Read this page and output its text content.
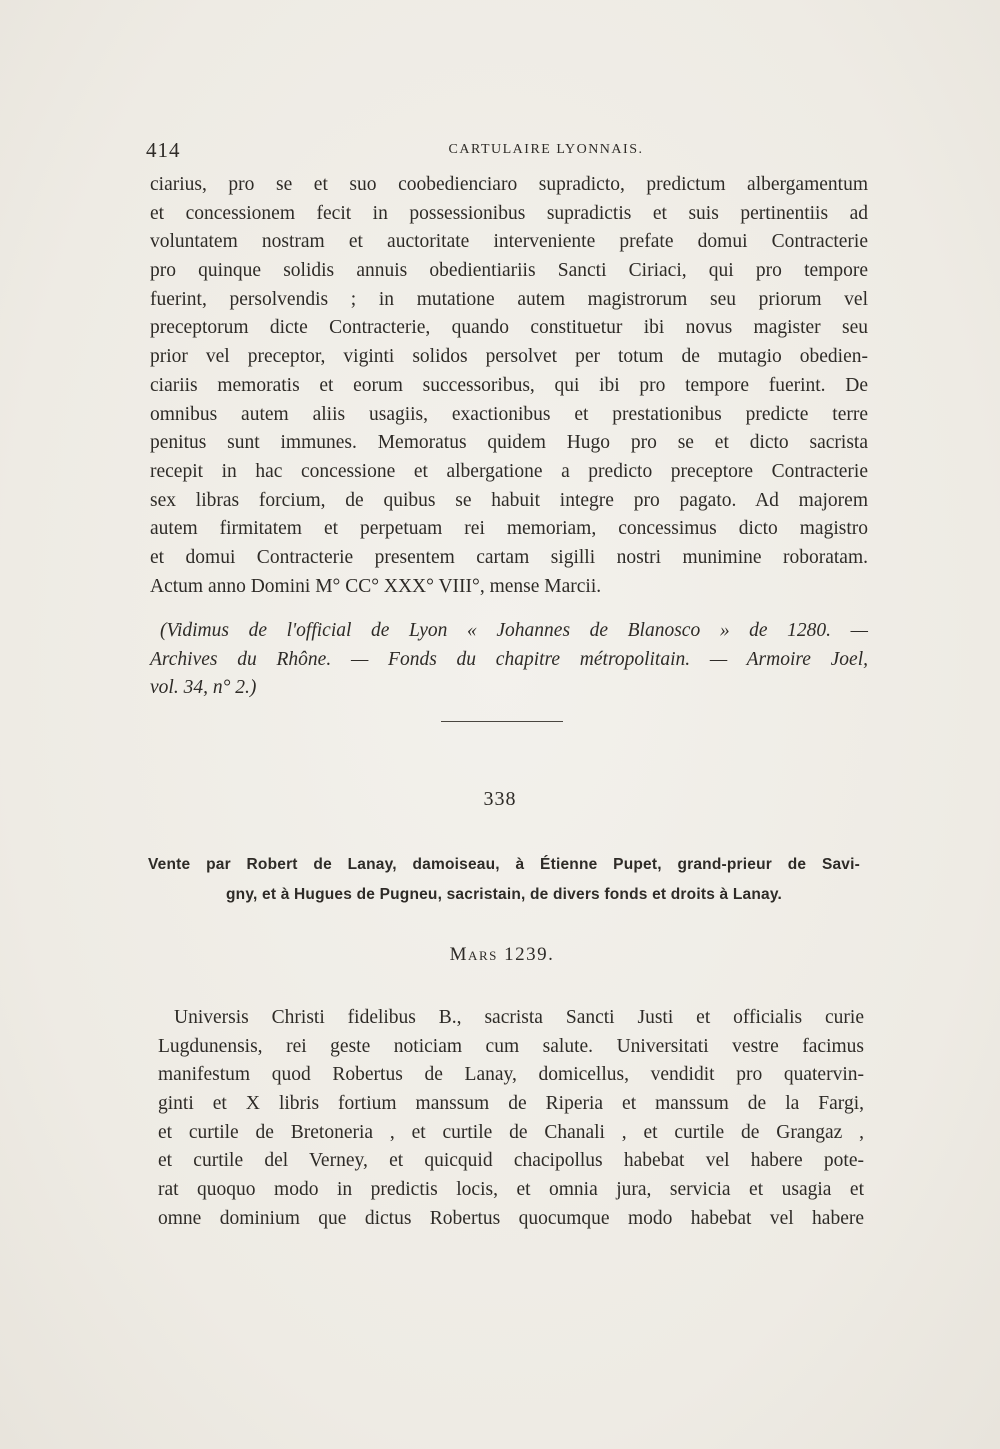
414	CARTULAIRE LYONNAIS.
ciarius, pro se et suo coobedienciaro supradicto, predictum albergamentum
et concessionem fecit in possessionibus supradictis et suis pertinentiis ad
voluntatem nostram et auctoritate interveniente prefate domui Contracterie
pro quinque solidis annuis obedientiariis Sancti Ciriaci, qui pro tempore
fuerint, persolvendis ; in mutatione autem magistrorum seu priorum vel
preceptorum dicte Contracterie, quando constituetur ibi novus magister seu
prior vel preceptor, viginti solidos persolvet per totum de mutagio obedien-
ciariis memoratis et eorum successoribus, qui ibi pro tempore fuerint. De
omnibus autem aliis usagiis, exactionibus et prestationibus predicte terre
penitus sunt immunes. Memoratus quidem Hugo pro se et dicto sacrista
recepit in hac concessione et albergatione a predicto preceptore Contracterie
sex libras forcium, de quibus se habuit integre pro pagato. Ad majorem
autem firmitatem et perpetuam rei memoriam, concessimus dicto magistro
et domui Contracterie presentem cartam sigilli nostri munimine roboratam.
Actum anno Domini M° CC° XXX° VIII°, mense Marcii.
(Vidimus de l'official de Lyon « Johannes de Blanosco » de 1280. —
Archives du Rhône. — Fonds du chapitre métropolitain. — Armoire Joel,
vol. 34, n° 2.)
338
Vente par Robert de Lanay, damoiseau, à Étienne Pupet, grand-prieur de Savi-
gny, et à Hugues de Pugneu, sacristain, de divers fonds et droits à Lanay.
Mars 1239.
Universis Christi fidelibus B., sacrista Sancti Justi et officialis curie
Lugdunensis, rei geste noticiam cum salute. Universitati vestre facimus
manifestum quod Robertus de Lanay, domicellus, vendidit pro quatervin-
ginti et X libris fortium manssum de Riperia et manssum de la Fargi,
et curtile de Bretoneria , et curtile de Chanali , et curtile de Grangaz ,
et curtile del Verney, et quicquid chacipollus habebat vel habere pote-
rat quoquo modo in predictis locis, et omnia jura, servicia et usagia et
omne dominium que dictus Robertus quocumque modo habebat vel habere
